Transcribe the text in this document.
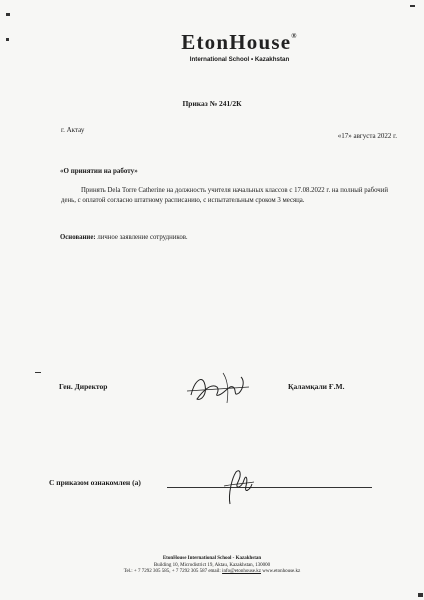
EtonHouse®
International School • Kazakhstan
Приказ № 241/2К
г. Актау
«17» августа 2022 г.
«О принятии на работу»
Принять Dela Torre Catherine на должность учителя начальных классов с 17.08.2022 г. на полный рабочий день, с оплатой согласно штатному расписанию, с испытательным сроком 3 месяца.
Основание: личное заявление сотрудников.
Ген. Директор	Қаламқали Ғ.М.
С приказом ознакомлен (а)
EtonHouse International School - Kazakhstan
Building 10, Microdistrict 19, Aktau, Kazakhstan, 130000
Tel.: + 7 7292 305 585, + 7 7292 305 587 email: info@etonhouse.kz www.etonhouse.kz
